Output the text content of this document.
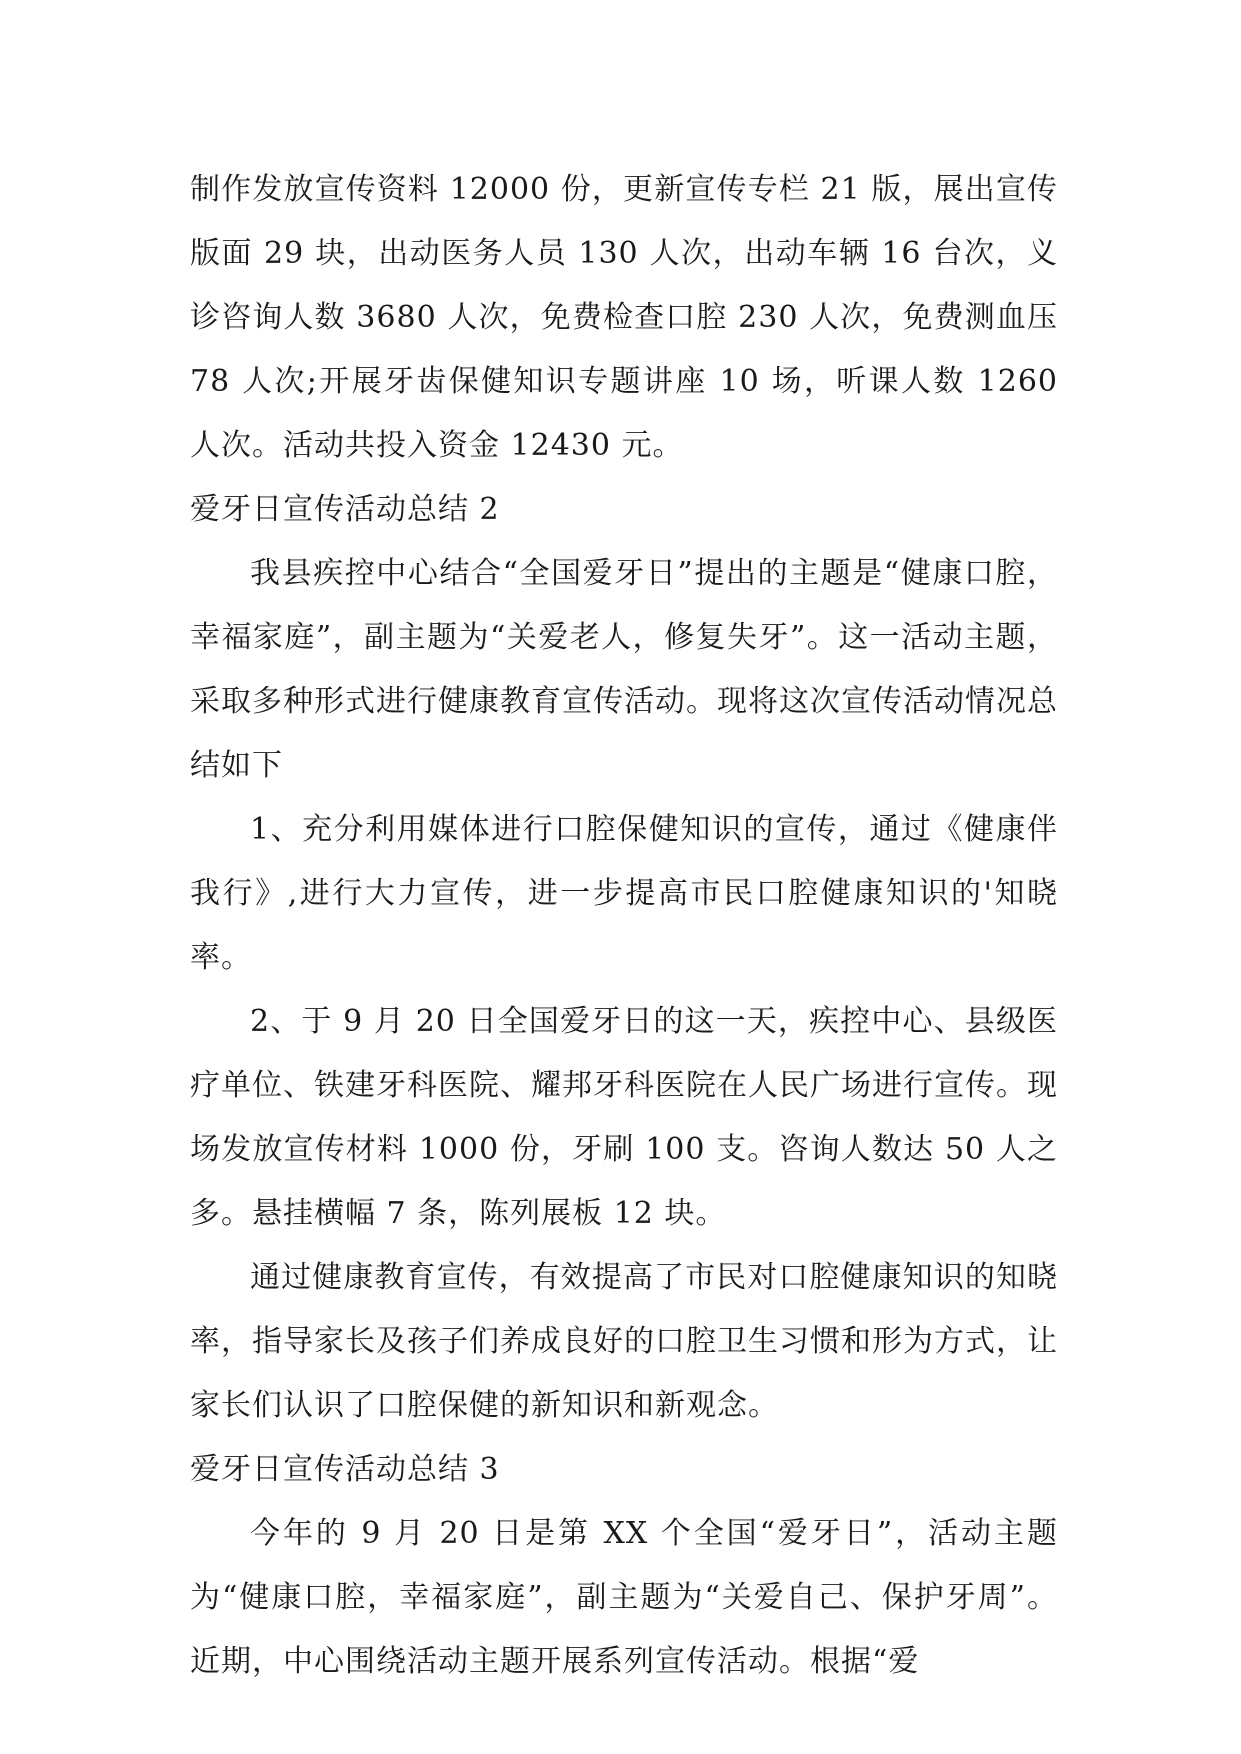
制作发放宣传资料 12000 份，更新宣传专栏 21 版，展出宣传版面 29 块，出动医务人员 130 人次，出动车辆 16 台次，义诊咨询人数 3680 人次，免费检查口腔 230 人次，免费测血压 78 人次;开展牙齿保健知识专题讲座 10 场，听课人数 1260 人次。活动共投入资金 12430 元。

爱牙日宣传活动总结 2

我县疾控中心结合“全国爱牙日”提出的主题是“健康口腔，幸福家庭”，副主题为“关爱老人，修复失牙”。这一活动主题，采取多种形式进行健康教育宣传活动。现将这次宣传活动情况总结如下

1、充分利用媒体进行口腔保健知识的宣传，通过《健康伴我行》,进行大力宣传，进一步提高市民口腔健康知识的'知晓率。

2、于 9 月 20 日全国爱牙日的这一天，疾控中心、县级医疗单位、铁建牙科医院、耀邦牙科医院在人民广场进行宣传。现场发放宣传材料 1000 份，牙刷 100 支。咨询人数达 50 人之多。悬挂横幅 7 条，陈列展板 12 块。

通过健康教育宣传，有效提高了市民对口腔健康知识的知晓率，指导家长及孩子们养成良好的口腔卫生习惯和形为方式，让家长们认识了口腔保健的新知识和新观念。

爱牙日宣传活动总结 3

今年的 9 月 20 日是第 XX 个全国“爱牙日”，活动主题为“健康口腔，幸福家庭”，副主题为“关爱自己、保护牙周”。近期，中心围绕活动主题开展系列宣传活动。根据“爱
